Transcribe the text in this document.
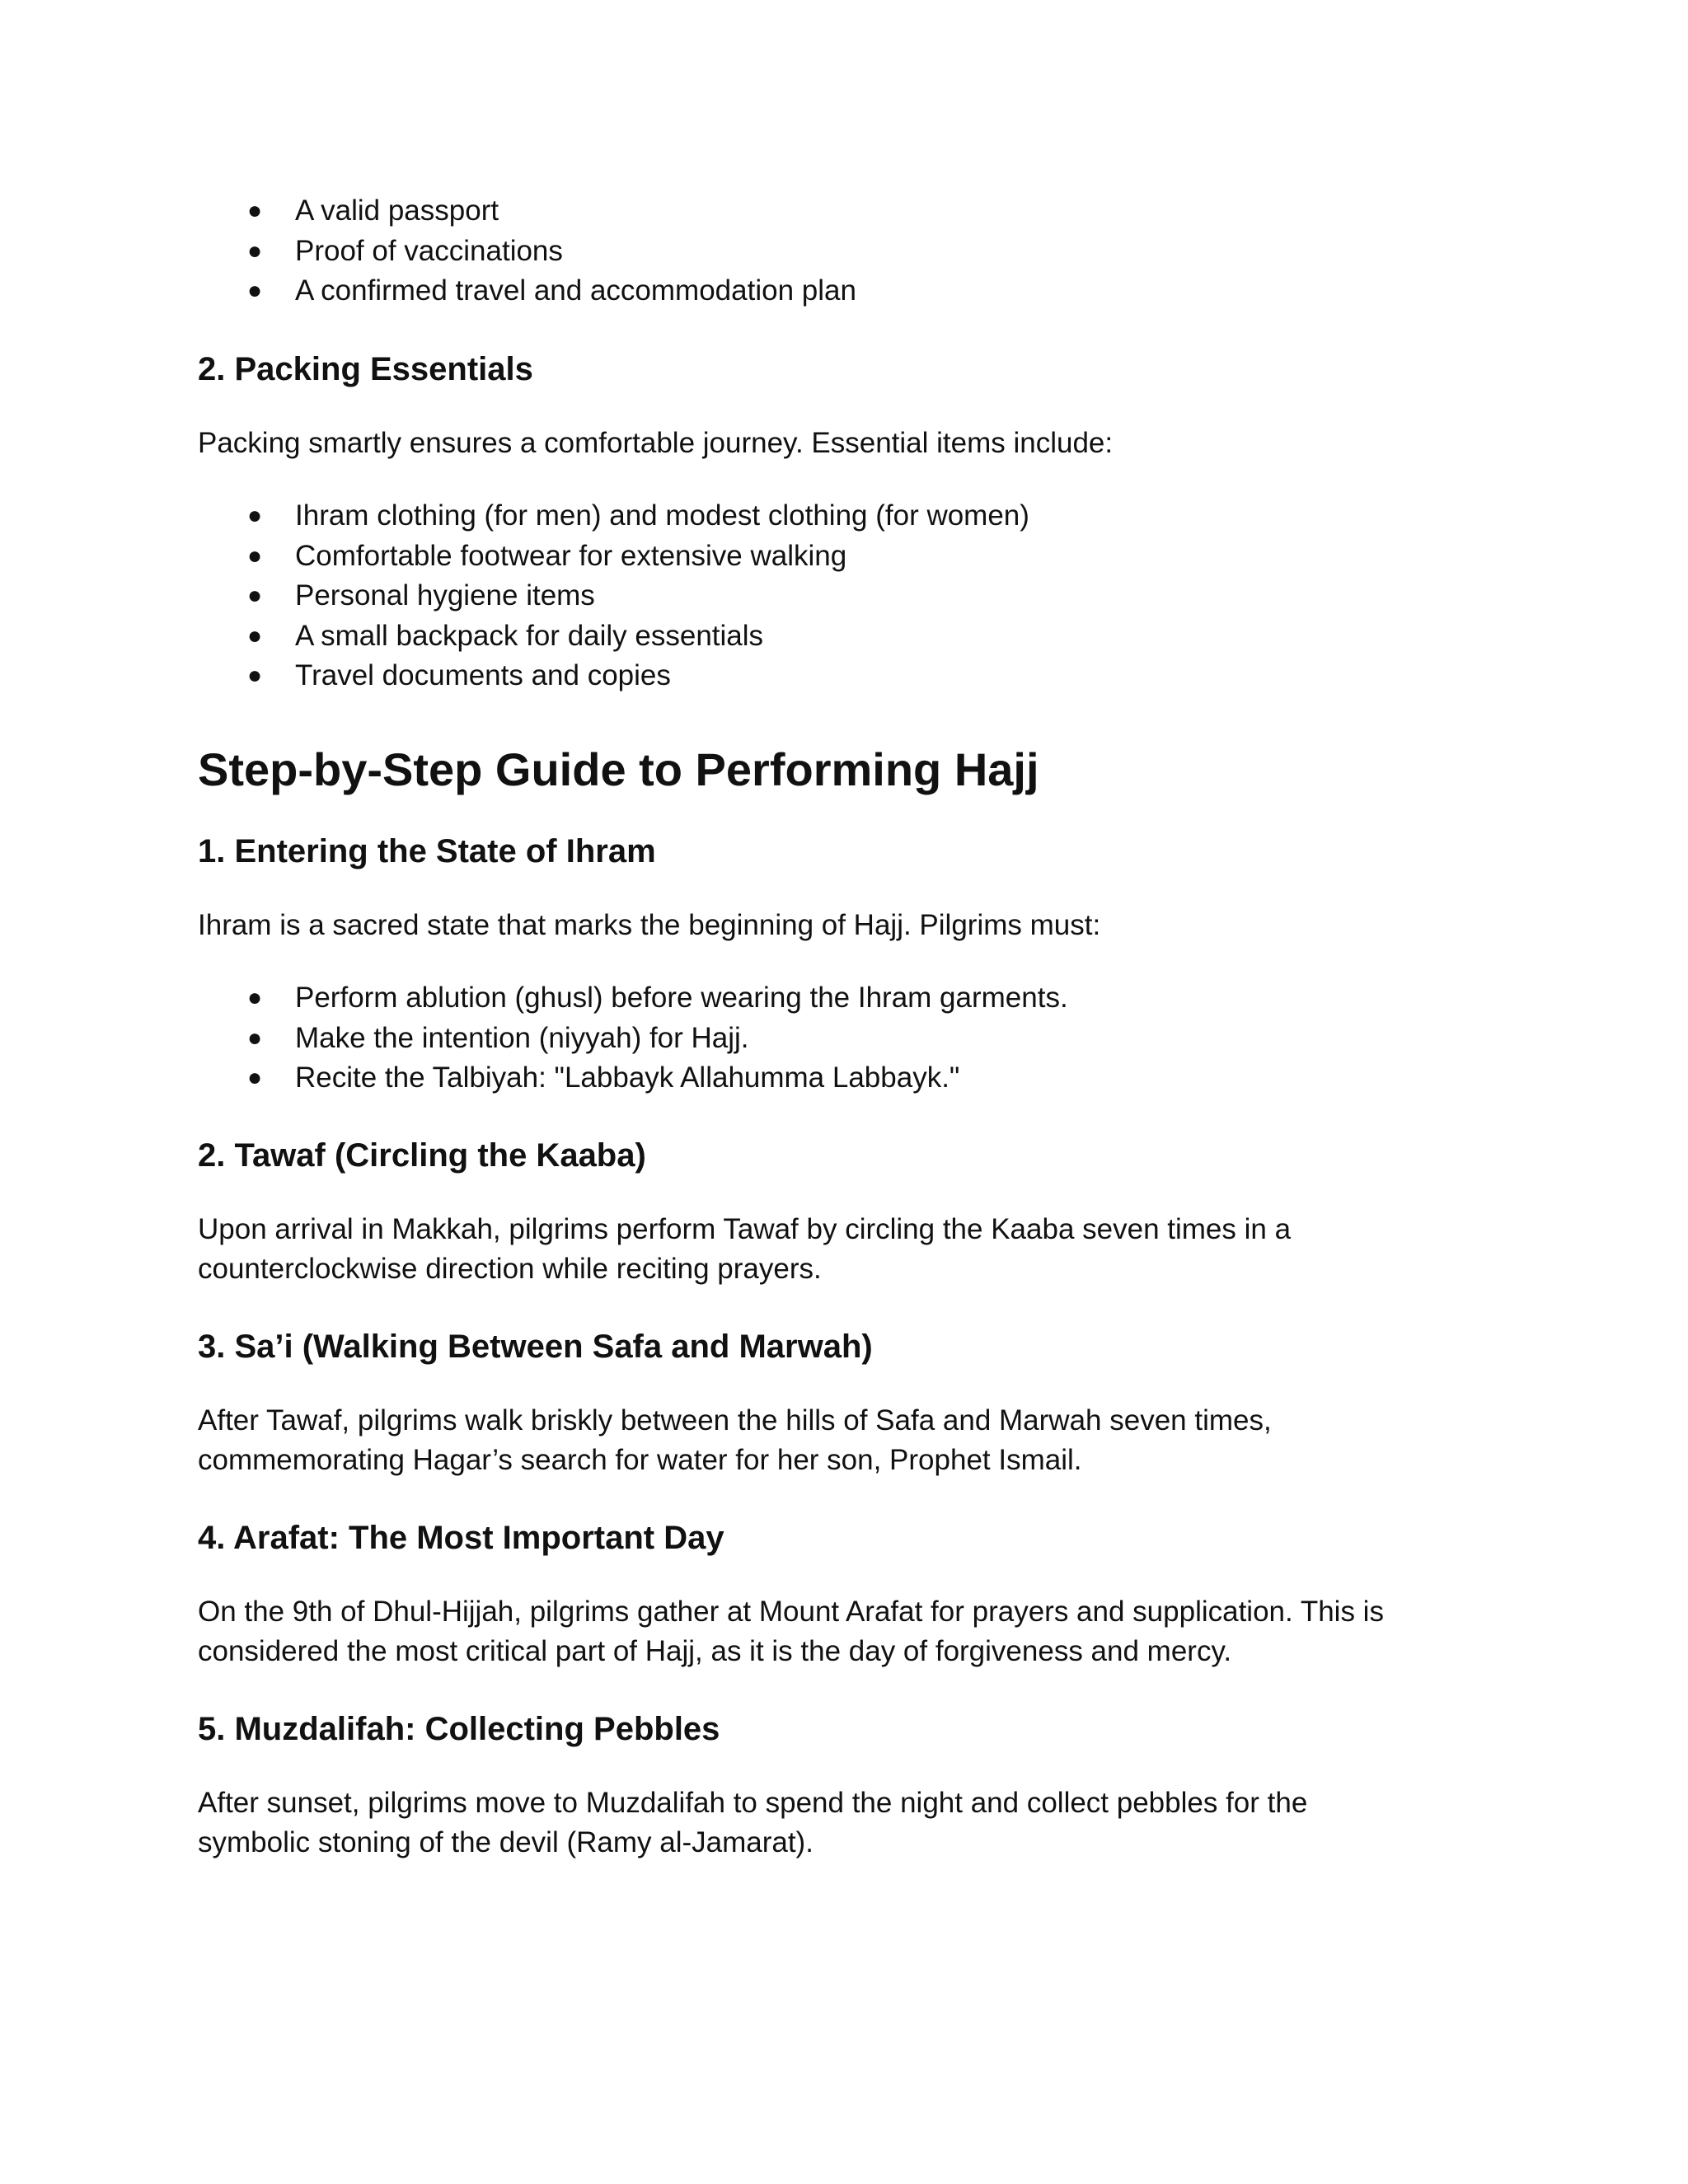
● A valid passport
● Proof of vaccinations
● A confirmed travel and accommodation plan
2. Packing Essentials

Packing smartly ensures a comfortable journey. Essential items include:

● Ihram clothing (for men) and modest clothing (for women)
● Comfortable footwear for extensive walking
● Personal hygiene items
● A small backpack for daily essentials
● Travel documents and copies
Step-by-Step Guide to Performing Hajj
1. Entering the State of Ihram

Ihram is a sacred state that marks the beginning of Hajj. Pilgrims must:

● Perform ablution (ghusl) before wearing the Ihram garments.
● Make the intention (niyyah) for Hajj.
● Recite the Talbiyah: "Labbayk Allahumma Labbayk."
2. Tawaf (Circling the Kaaba)

Upon arrival in Makkah, pilgrims perform Tawaf by circling the Kaaba seven times in a
counterclockwise direction while reciting prayers.

3. Sa’i (Walking Between Safa and Marwah)

After Tawaf, pilgrims walk briskly between the hills of Safa and Marwah seven times,
commemorating Hagar’s search for water for her son, Prophet Ismail.

4. Arafat: The Most Important Day

On the 9th of Dhul-Hijjah, pilgrims gather at Mount Arafat for prayers and supplication. This is
considered the most critical part of Hajj, as it is the day of forgiveness and mercy.

5. Muzdalifah: Collecting Pebbles

After sunset, pilgrims move to Muzdalifah to spend the night and collect pebbles for the
symbolic stoning of the devil (Ramy al-Jamarat).
